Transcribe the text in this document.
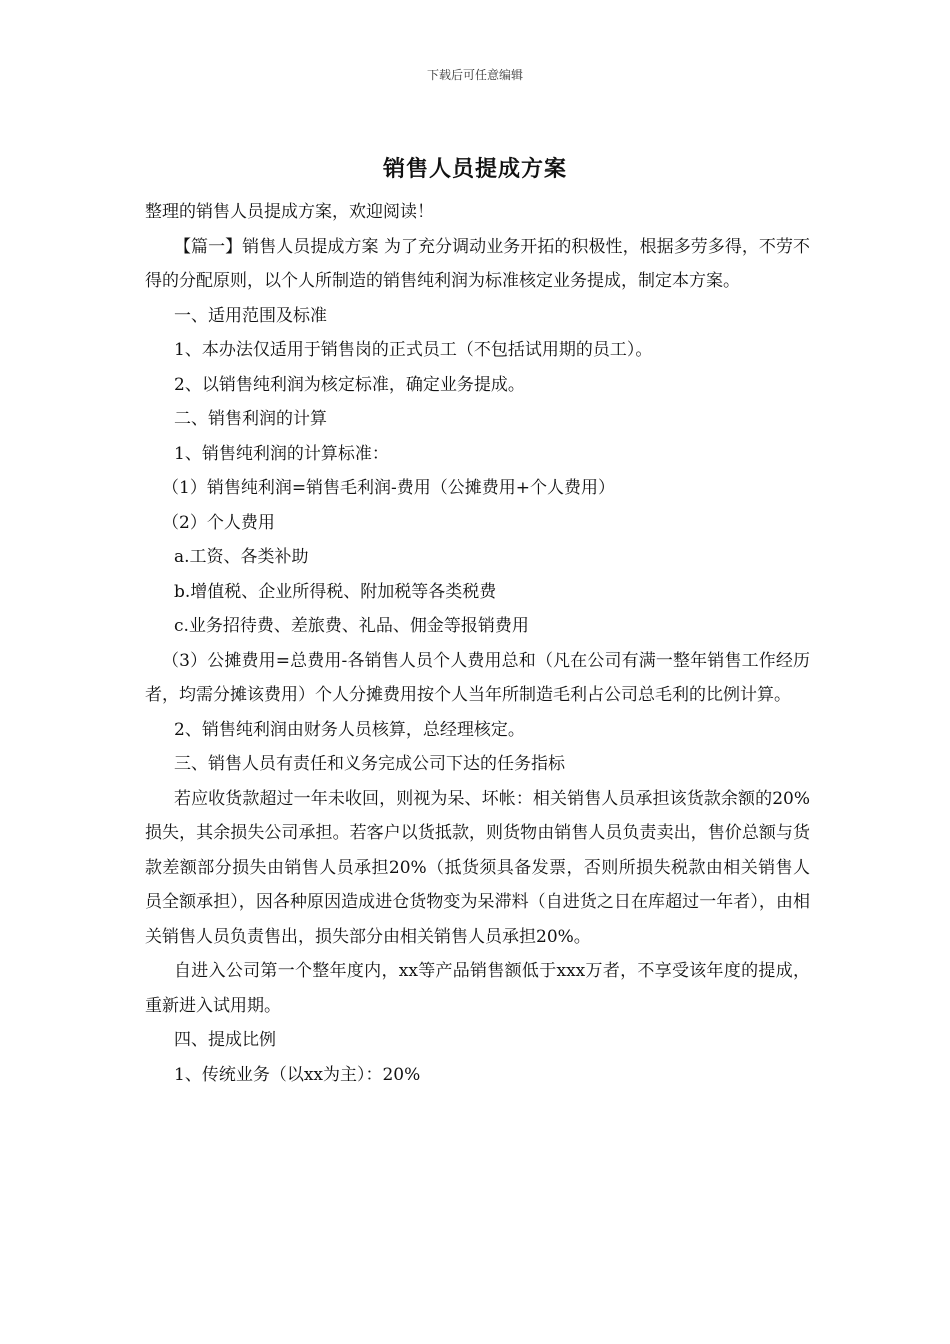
下载后可任意编辑
销售人员提成方案

整理的销售人员提成方案，欢迎阅读！

【篇一】销售人员提成方案 为了充分调动业务开拓的积极性，根据多劳多得，不劳不得的分配原则，以个人所制造的销售纯利润为标准核定业务提成，制定本方案。

一、适用范围及标准

1、本办法仅适用于销售岗的正式员工（不包括试用期的员工）。

2、以销售纯利润为核定标准，确定业务提成。

二、销售利润的计算

1、销售纯利润的计算标准：

（1）销售纯利润=销售毛利润-费用（公摊费用+个人费用）

（2）个人费用

a.工资、各类补助

b.增值税、企业所得税、附加税等各类税费

c.业务招待费、差旅费、礼品、佣金等报销费用

（3）公摊费用=总费用-各销售人员个人费用总和（凡在公司有满一整年销售工作经历者，均需分摊该费用）个人分摊费用按个人当年所制造毛利占公司总毛利的比例计算。

2、销售纯利润由财务人员核算，总经理核定。

三、销售人员有责任和义务完成公司下达的任务指标

若应收货款超过一年未收回，则视为呆、坏帐：相关销售人员承担该货款余额的20%损失，其余损失公司承担。若客户以货抵款，则货物由销售人员负责卖出，售价总额与货款差额部分损失由销售人员承担20%（抵货须具备发票，否则所损失税款由相关销售人员全额承担），因各种原因造成进仓货物变为呆滞料（自进货之日在库超过一年者），由相关销售人员负责售出，损失部分由相关销售人员承担20%。

自进入公司第一个整年度内，xx等产品销售额低于xxx万者，不享受该年度的提成，重新进入试用期。

四、提成比例

1、传统业务（以xx为主）：20%
